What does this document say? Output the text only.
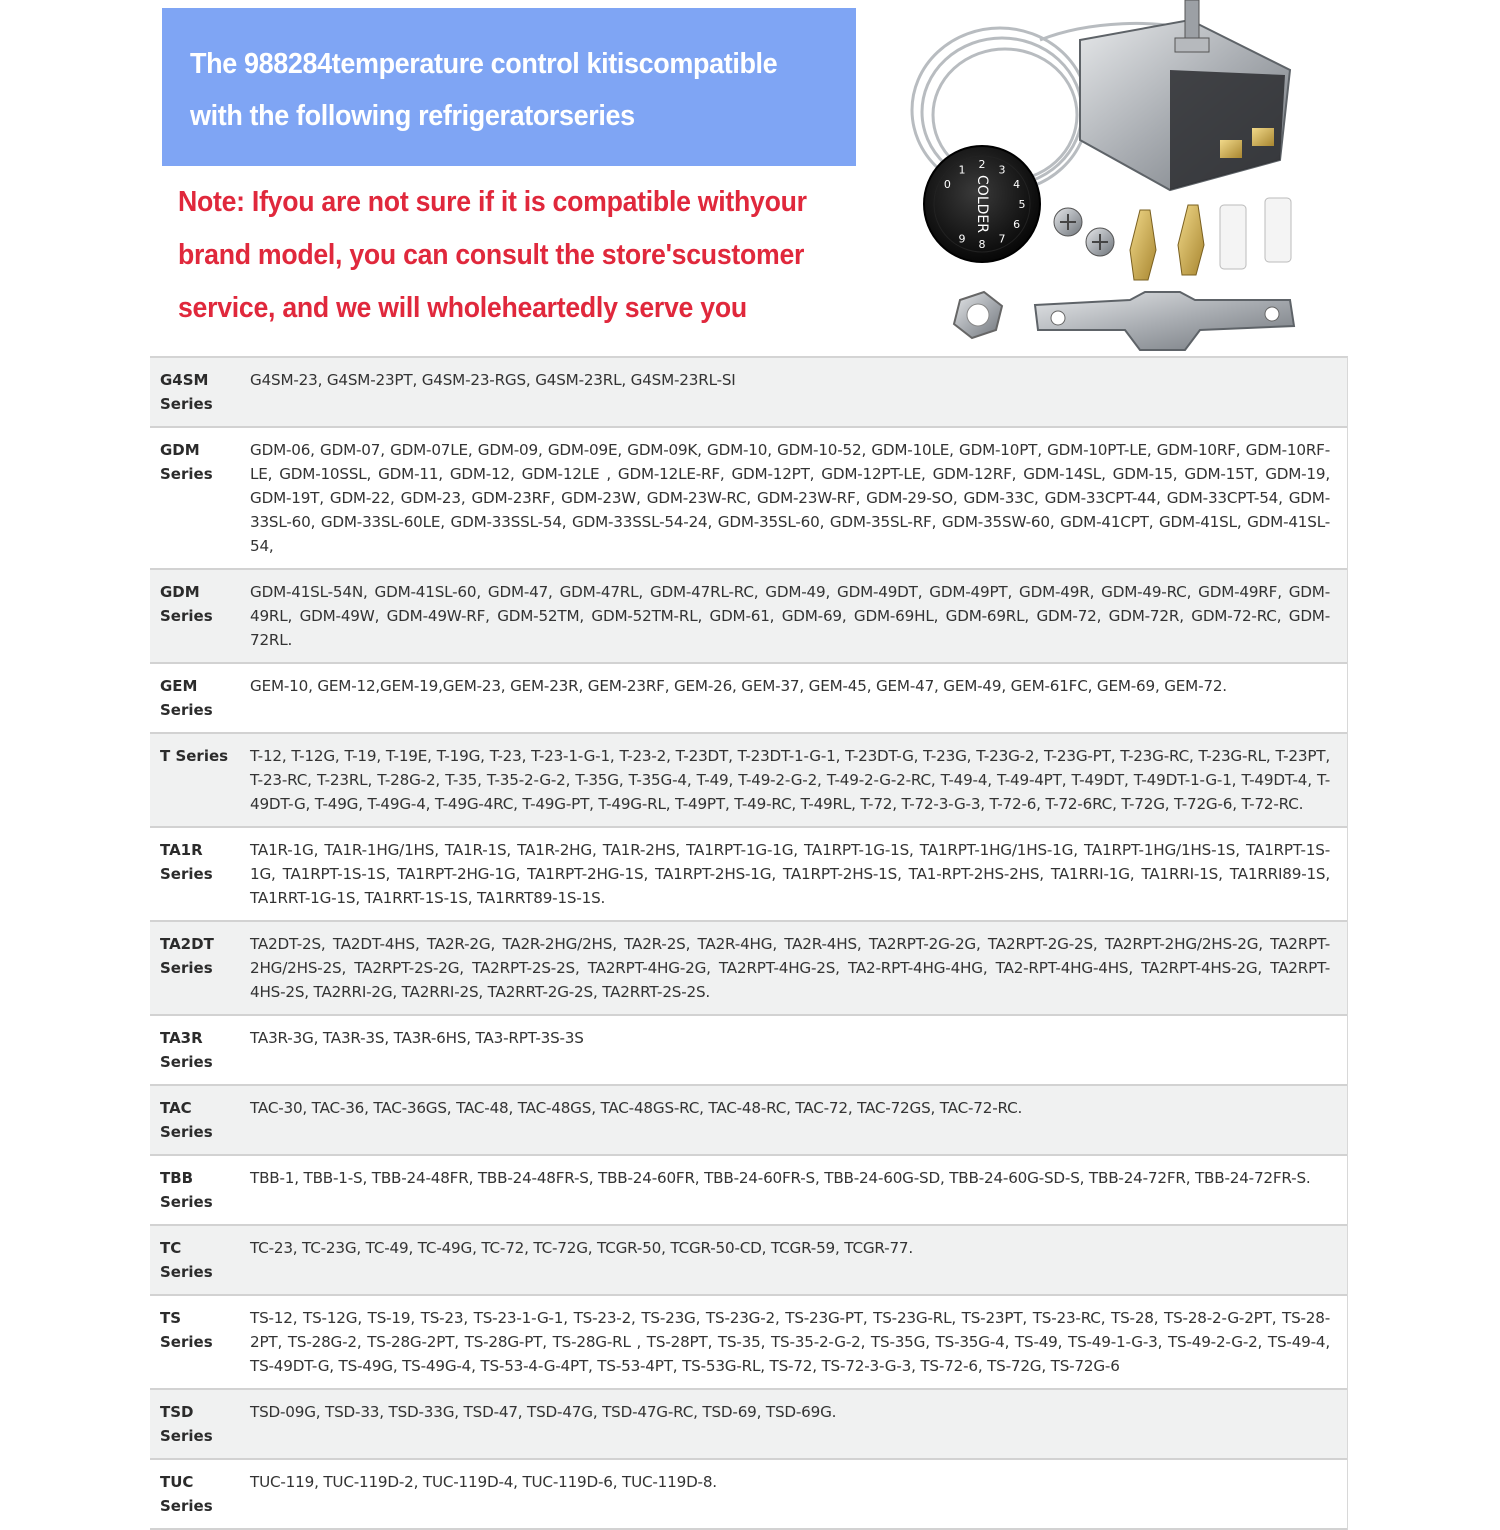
The 988284temperature control kitiscompatible
with the following refrigeratorseries
Note: Ifyou are not sure if it is compatible withyour
brand model, you can consult the store'scustomer
service, and we will wholeheartedly serve you
COLDER
0
1 2 3
4
5
6
7
8
9
G4SM
Series
G4SM-23, G4SM-23PT, G4SM-23-RGS, G4SM-23RL, G4SM-23RL-SI
GDM
Series
GDM-06, GDM-07, GDM-07LE, GDM-09, GDM-09E, GDM-09K, GDM-10, GDM-10-52, GDM-10LE, GDM-10PT, GDM-10PT-LE, GDM-10RF, GDM-10RF-LE, GDM-10SSL, GDM-11, GDM-12, GDM-12LE , GDM-12LE-RF, GDM-12PT, GDM-12PT-LE, GDM-12RF, GDM-14SL, GDM-15, GDM-15T, GDM-19, GDM-19T, GDM-22, GDM-23, GDM-23RF, GDM-23W, GDM-23W-RC, GDM-23W-RF, GDM-29-SO, GDM-33C, GDM-33CPT-44, GDM-33CPT-54, GDM-33SL-60, GDM-33SL-60LE, GDM-33SSL-54, GDM-33SSL-54-24, GDM-35SL-60, GDM-35SL-RF, GDM-35SW-60, GDM-41CPT, GDM-41SL, GDM-41SL-54,
GDM
Series
GDM-41SL-54N, GDM-41SL-60, GDM-47, GDM-47RL, GDM-47RL-RC, GDM-49, GDM-49DT, GDM-49PT, GDM-49R, GDM-49-RC, GDM-49RF, GDM-49RL, GDM-49W, GDM-49W-RF, GDM-52TM, GDM-52TM-RL, GDM-61, GDM-69, GDM-69HL, GDM-69RL, GDM-72, GDM-72R, GDM-72-RC, GDM-72RL.
GEM
Series
GEM-10, GEM-12,GEM-19,GEM-23, GEM-23R, GEM-23RF, GEM-26, GEM-37, GEM-45, GEM-47, GEM-49, GEM-61FC, GEM-69, GEM-72.
T Series	T-12, T-12G, T-19, T-19E, T-19G, T-23, T-23-1-G-1, T-23-2, T-23DT, T-23DT-1-G-1, T-23DT-G, T-23G, T-23G-2, T-23G-PT, T-23G-RC, T-23G-RL, T-23PT, T-23-RC, T-23RL, T-28G-2, T-35, T-35-2-G-2, T-35G, T-35G-4, T-49, T-49-2-G-2, T-49-2-G-2-RC, T-49-4, T-49-4PT, T-49DT, T-49DT-1-G-1, T-49DT-4, T-49DT-G, T-49G, T-49G-4, T-49G-4RC, T-49G-PT, T-49G-RL, T-49PT, T-49-RC, T-49RL, T-72, T-72-3-G-3, T-72-6, T-72-6RC, T-72G, T-72G-6, T-72-RC.
TA1R
Series
TA1R-1G, TA1R-1HG/1HS, TA1R-1S, TA1R-2HG, TA1R-2HS, TA1RPT-1G-1G, TA1RPT-1G-1S, TA1RPT-1HG/1HS-1G, TA1RPT-1HG/1HS-1S, TA1RPT-1S-1G, TA1RPT-1S-1S, TA1RPT-2HG-1G, TA1RPT-2HG-1S, TA1RPT-2HS-1G, TA1RPT-2HS-1S, TA1-RPT-2HS-2HS, TA1RRI-1G, TA1RRI-1S, TA1RRI89-1S, TA1RRT-1G-1S, TA1RRT-1S-1S, TA1RRT89-1S-1S.
TA2DT
Series
TA2DT-2S, TA2DT-4HS, TA2R-2G, TA2R-2HG/2HS, TA2R-2S, TA2R-4HG, TA2R-4HS, TA2RPT-2G-2G, TA2RPT-2G-2S, TA2RPT-2HG/2HS-2G, TA2RPT-2HG/2HS-2S, TA2RPT-2S-2G, TA2RPT-2S-2S, TA2RPT-4HG-2G, TA2RPT-4HG-2S, TA2-RPT-4HG-4HG, TA2-RPT-4HG-4HS, TA2RPT-4HS-2G, TA2RPT-4HS-2S, TA2RRI-2G, TA2RRI-2S, TA2RRT-2G-2S, TA2RRT-2S-2S.
TA3R
Series
TA3R-3G, TA3R-3S, TA3R-6HS, TA3-RPT-3S-3S
TAC
Series
TAC-30, TAC-36, TAC-36GS, TAC-48, TAC-48GS, TAC-48GS-RC, TAC-48-RC, TAC-72, TAC-72GS, TAC-72-RC.
TBB
Series
TBB-1, TBB-1-S, TBB-24-48FR, TBB-24-48FR-S, TBB-24-60FR, TBB-24-60FR-S, TBB-24-60G-SD, TBB-24-60G-SD-S, TBB-24-72FR, TBB-24-72FR-S.
TC
Series
TC-23, TC-23G, TC-49, TC-49G, TC-72, TC-72G, TCGR-50, TCGR-50-CD, TCGR-59, TCGR-77.
TS
Series
TS-12, TS-12G, TS-19, TS-23, TS-23-1-G-1, TS-23-2, TS-23G, TS-23G-2, TS-23G-PT, TS-23G-RL, TS-23PT, TS-23-RC, TS-28, TS-28-2-G-2PT, TS-28-2PT, TS-28G-2, TS-28G-2PT, TS-28G-PT, TS-28G-RL , TS-28PT, TS-35, TS-35-2-G-2, TS-35G, TS-35G-4, TS-49, TS-49-1-G-3, TS-49-2-G-2, TS-49-4, TS-49DT-G, TS-49G, TS-49G-4, TS-53-4-G-4PT, TS-53-4PT, TS-53G-RL, TS-72, TS-72-3-G-3, TS-72-6, TS-72G, TS-72G-6
TSD
Series
TSD-09G, TSD-33, TSD-33G, TSD-47, TSD-47G, TSD-47G-RC, TSD-69, TSD-69G.
TUC
Series
TUC-119, TUC-119D-2, TUC-119D-4, TUC-119D-6, TUC-119D-8.
